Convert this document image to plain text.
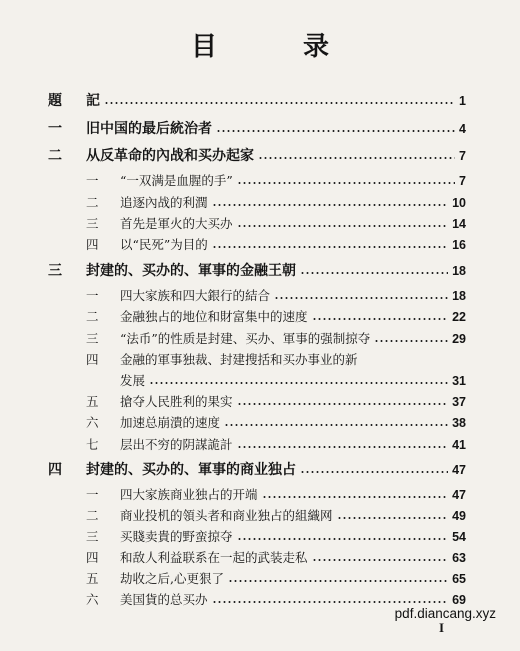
目　录
題	記	1
一	旧中国的最后統治者	4
二	从反革命的內战和买办起家	7
一	“一双满是血腥的手”	7
二	追逐內战的利潤	10
三	首先是軍火的大买办	14
四	以“民死”为目的	16
三	封建的、买办的、軍事的金融王朝	18
一	四大家族和四大銀行的結合	18
二	金融独占的地位和財富集中的速度	22
三	“法币”的性质是封建、买办、軍事的强制掠夺	29
四	金融的軍事独裁、封建搜括和买办事业的新
发展	31
五	搶夺人民胜利的果实	37
六	加速总崩潰的速度	38
七	层出不穷的阴謀詭計	41
四	封建的、买办的、軍事的商业独占	47
一	四大家族商业独占的开端	47
二	商业投机的領头者和商业独占的組織网	49
三	买賤卖貴的野蛮掠夺	54
四	和敌人利益联系在一起的武装走私	63
五	劫收之后,心更狠了	65
六	美国貨的总买办	69
pdf.diancang.xyz
I
